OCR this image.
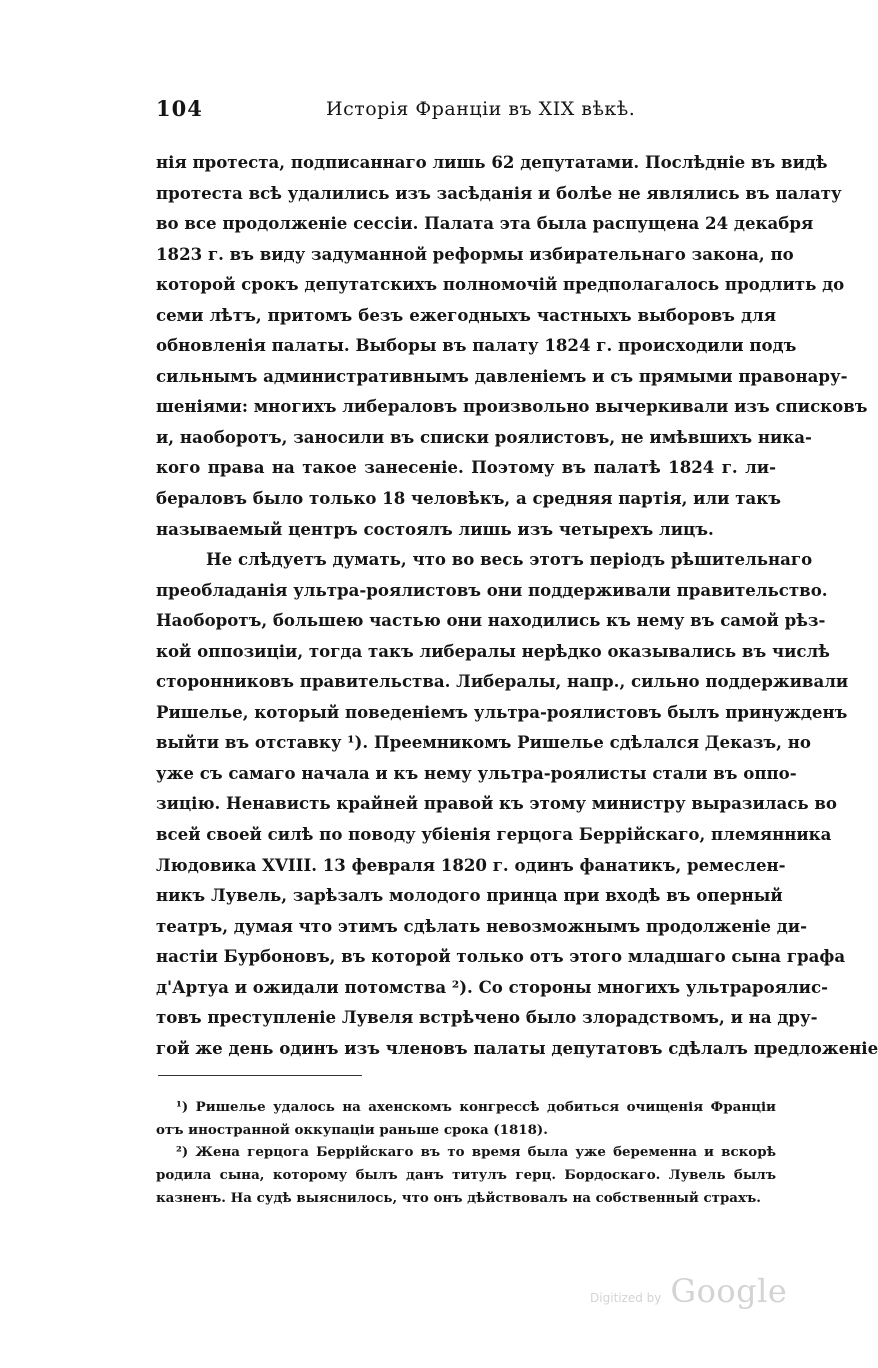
104	Исторія Франціи въ XIX вѣкѣ.
нія протеста, подписаннаго лишь 62 депутатами. Послѣдніе въ видѣ
протеста всѣ удалились изъ засѣданія и болѣе не являлись въ палату
во все продолженіе сессіи. Палата эта была распущена 24 декабря
1823 г. въ виду задуманной реформы избирательнаго закона, по
которой срокъ депутатскихъ полномочій предполагалось продлить до
семи лѣтъ, притомъ безъ ежегодныхъ частныхъ выборовъ для
обновленія палаты. Выборы въ палату 1824 г. происходили подъ
сильнымъ административнымъ давленіемъ и съ прямыми правонару-
шеніями: многихъ либераловъ произвольно вычеркивали изъ списковъ
и, наоборотъ, заносили въ списки роялистовъ, не имѣвшихъ никa-
кого права на такое занесеніе. Поэтому въ палатѣ 1824 г. ли-
бераловъ было только 18 человѣкъ, а средняя партія, или такъ
называемый центръ состоялъ лишь изъ четырехъ лицъ.
Не слѣдуетъ думать, что во весь этотъ періодъ рѣшительнаго
преобладанія ультра-роялистовъ они поддерживали правительство.
Наоборотъ, большею частью они находились къ нему въ самой рѣз-
кой оппозиціи, тогда такъ либералы нерѣдко оказывались въ числѣ
сторонниковъ правительства. Либералы, напр., сильно поддерживали
Ришелье, который поведеніемъ ультра-роялистовъ былъ принужденъ
выйти въ отставку ¹). Преемникомъ Ришелье сдѣлался Деказъ, но
уже съ самаго начала и къ нему ультра-роялисты стали въ оппо-
зицію. Ненависть крайней правой къ этому министру выразилась во
всей своей силѣ по поводу убіенія герцога Беррійскаго, племянника
Людовика XVIII. 13 февраля 1820 г. одинъ фанатикъ, ремеслен-
никъ Лувель, зарѣзалъ молодого принца при входѣ въ оперный
театръ, думая что этимъ сдѣлать невозможнымъ продолженіе ди-
настіи Бурбоновъ, въ которой только отъ этого младшаго сына графа
д'Артуа и ожидали потомства ²). Со стороны многихъ ультрароялис-
товъ преступленіе Лувеля встрѣчено было злорадствомъ, и на дру-
гой же день одинъ изъ членовъ палаты депутатовъ сдѣлалъ предложеніе
¹) Ришелье удалось на ахенскомъ конгрессѣ добиться очищенія Франціи
отъ иностранной оккупаціи раньше срока (1818).
²) Жена герцога Беррійскаго въ то время была уже беременна и вскорѣ
родила сына, которому былъ данъ титулъ герц. Бордоскаго. Лувель былъ
казненъ. На судѣ выяснилось, что онъ дѣйствовалъ на собственный страхъ.
Digitized by Google
